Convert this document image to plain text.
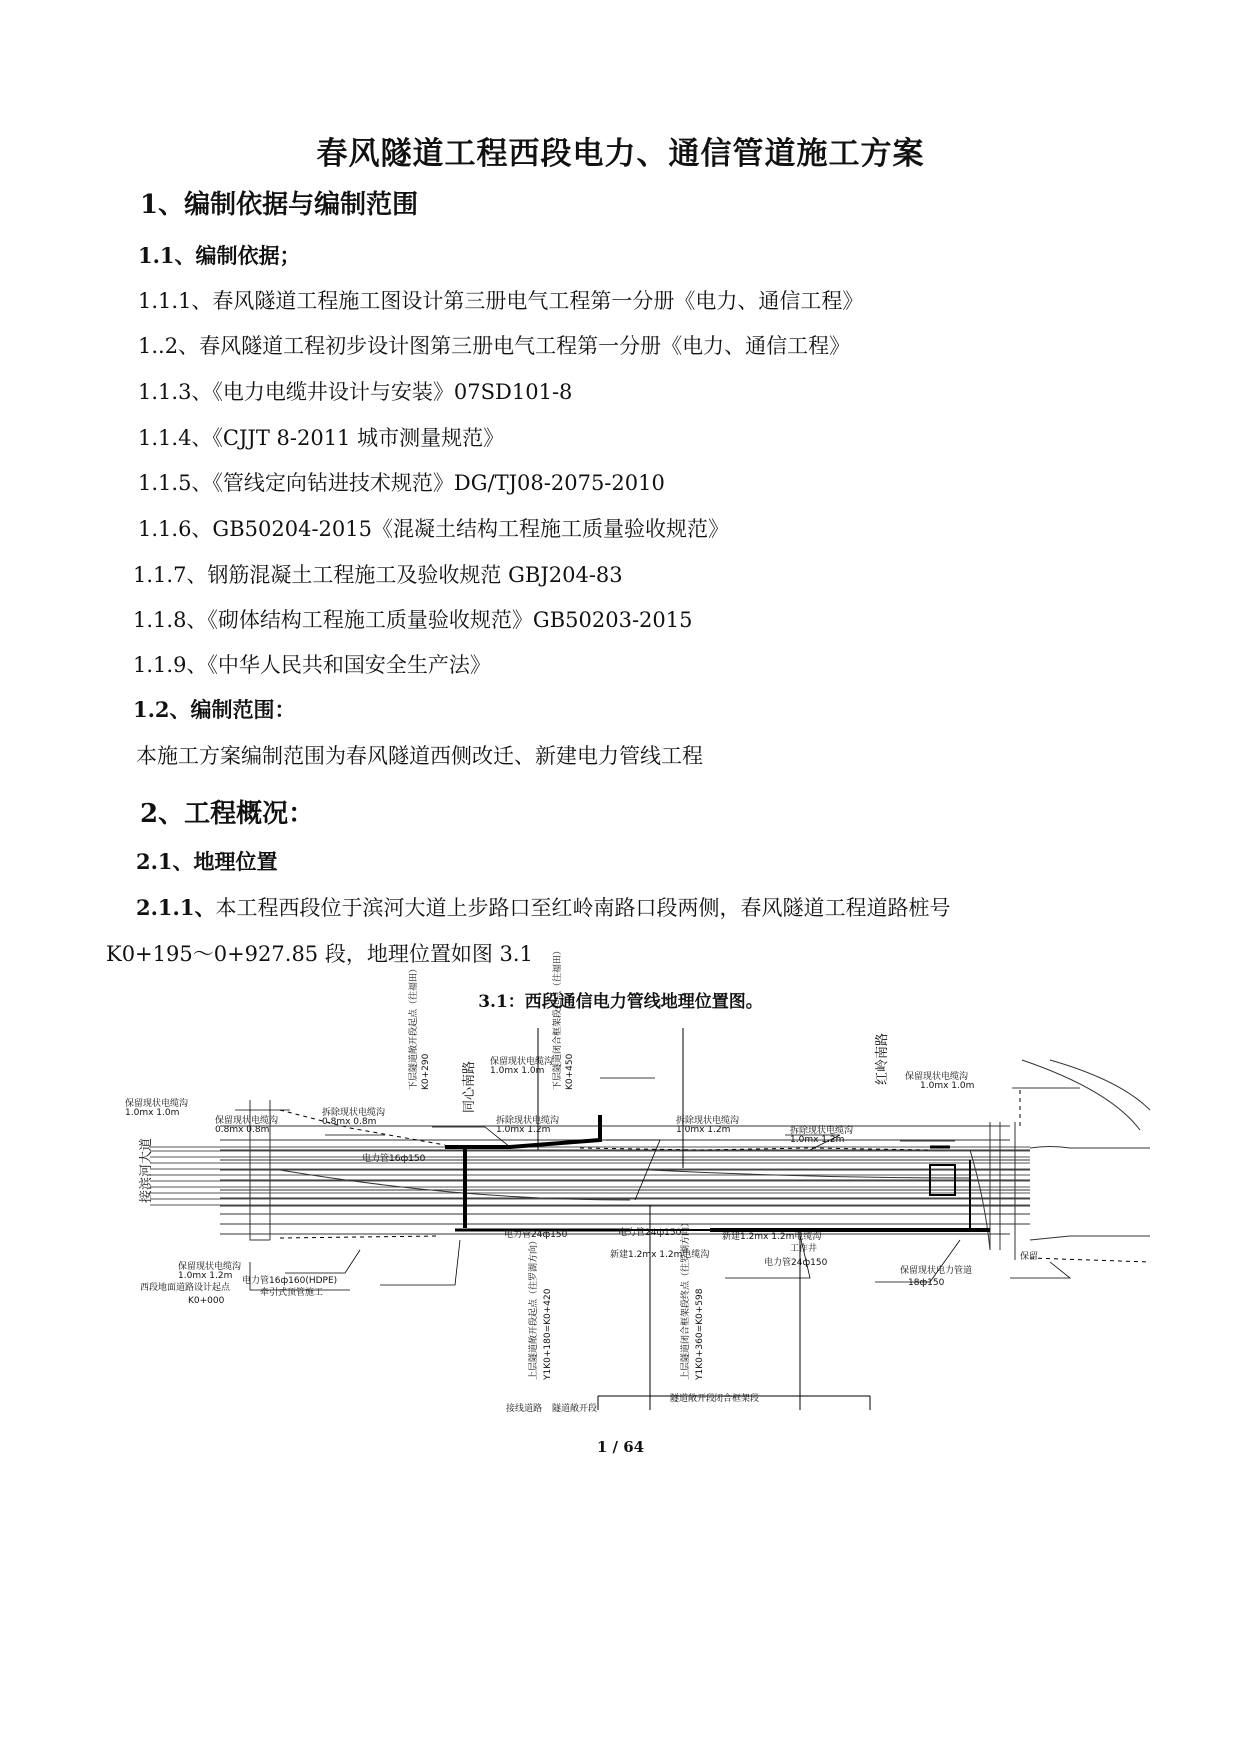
春风隧道工程西段电力、通信管道施工方案
1、编制依据与编制范围
1.1、编制依据；
1.1.1、春风隧道工程施工图设计第三册电气工程第一分册《电力、通信工程》
1..2、春风隧道工程初步设计图第三册电气工程第一分册《电力、通信工程》
1.1.3、《电力电缆井设计与安装》07SD101-8
1.1.4、《CJJT 8-2011 城市测量规范》
1.1.5、《管线定向钻进技术规范》DG/TJ08-2075-2010
1.1.6、GB50204-2015《混凝土结构工程施工质量验收规范》
1.1.7、钢筋混凝土工程施工及验收规范 GBJ204-83
1.1.8、《砌体结构工程施工质量验收规范》GB50203-2015
1.1.9、《中华人民共和国安全生产法》
1.2、编制范围：
本施工方案编制范围为春风隧道西侧改迁、新建电力管线工程
2、工程概况：
2.1、地理位置
2.1.1、本工程西段位于滨河大道上步路口至红岭南路口段两侧，春风隧道工程道路桩号
K0+195～0+927.85 段，地理位置如图 3.1
3.1：西段通信电力管线地理位置图。
接滨河大道
同心南路
红岭南路
K0+290
下层隧道敞开段起点（往福田）	K0+450
下层隧道闭合框架段起点（往福田）
Y1K0+180=K0+420
上层隧道敞开段起点（往罗湖方向）	Y1K0+360=K0+598
上层隧道闭合框架段终点（往罗湖方向）
保留现状电缆沟
1.0mx 1.0m
保留现状电缆沟
0.8mx 0.8m
拆除现状电缆沟
0.8mx 0.8m
保留现状电缆沟
1.0mx 1.0m
拆除现状电缆沟
1.0mx 1.2m
拆除现状电缆沟
1.0mx 1.2m	拆除现状电缆沟
1.0mx 1.2m
保留现状电缆沟
1.0mx 1.0m
保留现状电缆沟
1.0mx 1.2m
电力管16ф150
电力管24ф150	电力管24ф150
电力管16ф160(HDPE)
牵引式顶管施工
新建1.2mx 1.2m电缆沟
新建1.2mx 1.2m电缆沟
工作井
电力管24ф150
保留现状电力管道
18ф150
保留
西段地面道路设计起点
K0+000
接线道路 隧道敞开段
隧道敞开段
闭合框架段
1 / 64
